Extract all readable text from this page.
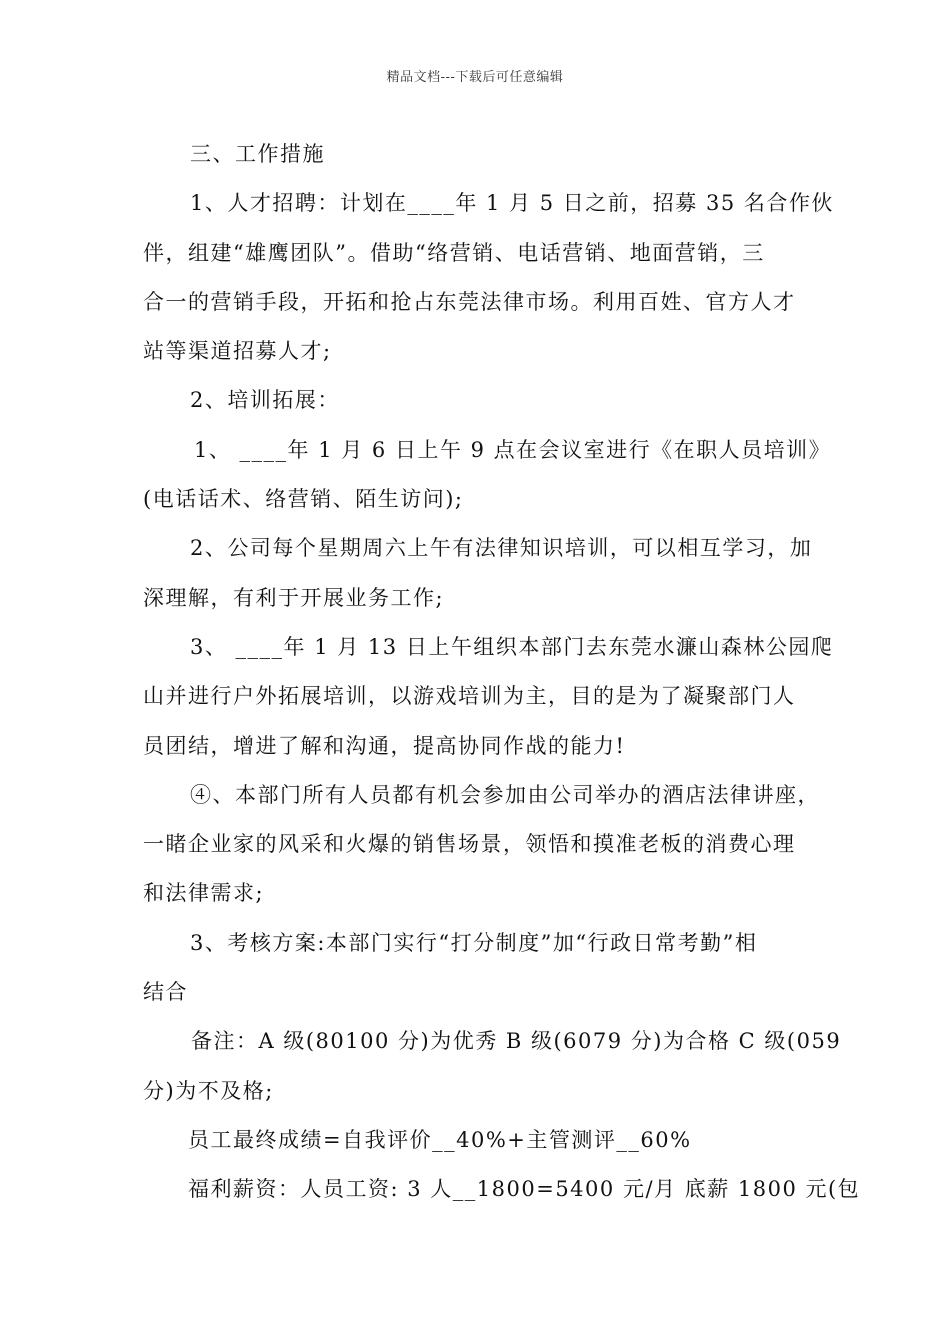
精品文档---下载后可任意编辑
三、工作措施
1、人才招聘：计划在____年 1 月 5 日之前，招募 35 名合作伙
伴，组建“雄鹰团队”。借助“络营销、电话营销、地面营销，三
合一的营销手段，开拓和抢占东莞法律市场。利用百姓、官方人才
站等渠道招募人才;
2、培训拓展：
1、 ____年 1 月 6 日上午 9 点在会议室进行《在职人员培训》
(电话话术、络营销、陌生访问);
2、公司每个星期周六上午有法律知识培训，可以相互学习，加
深理解，有利于开展业务工作;
3、 ____年 1 月 13 日上午组织本部门去东莞水濂山森林公园爬
山并进行户外拓展培训，以游戏培训为主，目的是为了凝聚部门人
员团结，增进了解和沟通，提高协同作战的能力!
④、本部门所有人员都有机会参加由公司举办的酒店法律讲座，
一睹企业家的风采和火爆的销售场景，领悟和摸准老板的消费心理
和法律需求;
3、考核方案:本部门实行“打分制度”加“行政日常考勤”相
结合
备注：A 级(80100 分)为优秀 B 级(6079 分)为合格 C 级(059
分)为不及格;
员工最终成绩=自我评价__40%+主管测评__60%
福利薪资：人员工资: 3 人__1800=5400 元/月 底薪 1800 元(包
